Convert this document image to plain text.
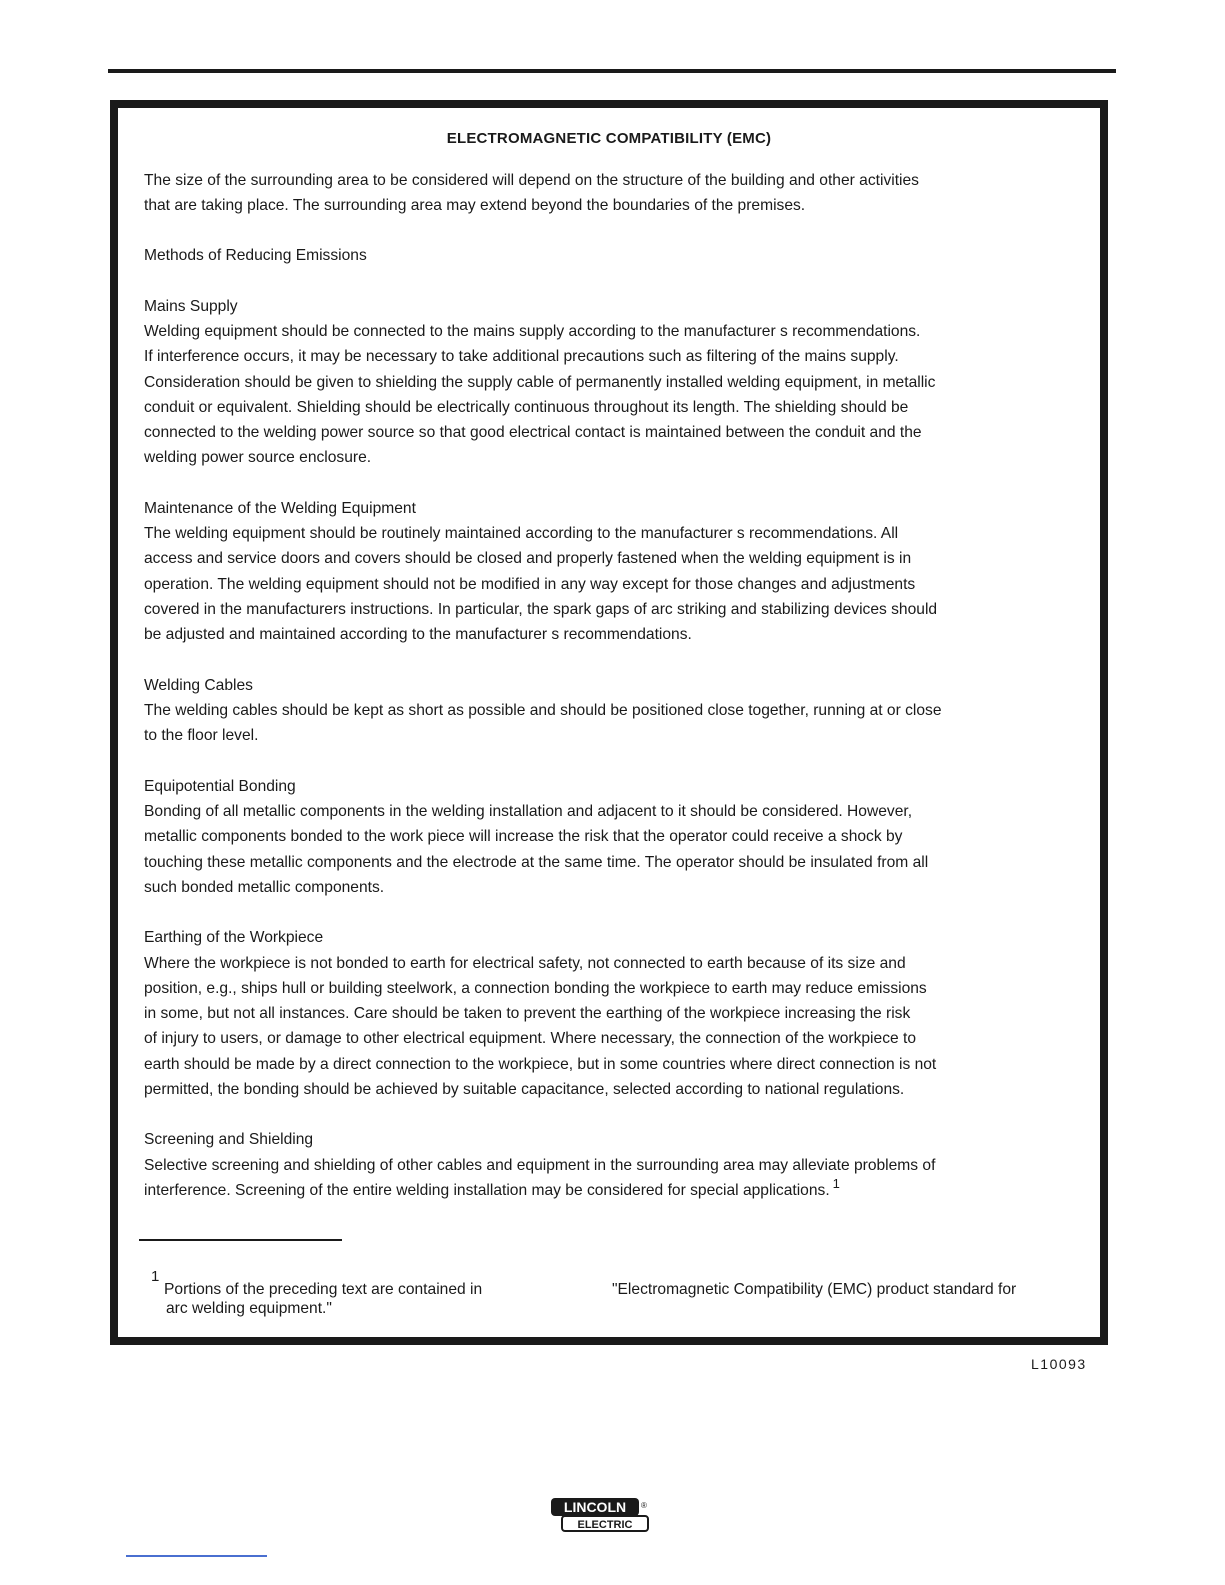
ELECTROMAGNETIC COMPATIBILITY (EMC)
The size of the surrounding area to be considered will depend on the structure of the building and other activities
that are taking place. The surrounding area may extend beyond the boundaries of the premises.
Methods of Reducing Emissions
Mains Supply
Welding equipment should be connected to the mains supply according to the manufacturer s recommendations.
If interference occurs, it may be necessary to take additional precautions such as filtering of the mains supply.
Consideration should be given to shielding the supply cable of permanently installed welding equipment, in metallic
conduit or equivalent. Shielding should be electrically continuous throughout its length. The shielding should be
connected to the welding power source so that good electrical contact is maintained between the conduit and the
welding power source enclosure.
Maintenance of the Welding Equipment
The welding equipment should be routinely maintained according to the manufacturer s recommendations. All
access and service doors and covers should be closed and properly fastened when the welding equipment is in
operation. The welding equipment should not be modified in any way except for those changes and adjustments
covered in the manufacturers instructions. In particular, the spark gaps of arc striking and stabilizing devices should
be adjusted and maintained according to the manufacturer s recommendations.
Welding Cables
The welding cables should be kept as short as possible and should be positioned close together, running at or close
to the floor level.
Equipotential Bonding
Bonding of all metallic components in the welding installation and adjacent to it should be considered. However,
metallic components bonded to the work piece will increase the risk that the operator could receive a shock by
touching these metallic components and the electrode at the same time. The operator should be insulated from all
such bonded metallic components.
Earthing of the Workpiece
Where the workpiece is not bonded to earth for electrical safety, not connected to earth because of its size and
position, e.g., ships hull or building steelwork, a connection bonding the workpiece to earth may reduce emissions
in some, but not all instances. Care should be taken to prevent the earthing of the workpiece increasing the risk
of injury to users, or damage to other electrical equipment. Where necessary, the connection of the workpiece to
earth should be made by a direct connection to the workpiece, but in some countries where direct connection is not
permitted, the bonding should be achieved by suitable capacitance, selected according to national regulations.
Screening and Shielding
Selective screening and shielding of other cables and equipment in the surrounding area may alleviate problems of
interference. Screening of the entire welding installation may be considered for special applications. $^1$
1
Portions of the preceding text are contained in	"Electromagnetic Compatibility (EMC) product standard for
arc welding equipment."
L10093
LINCOLN ®
ELECTRIC
